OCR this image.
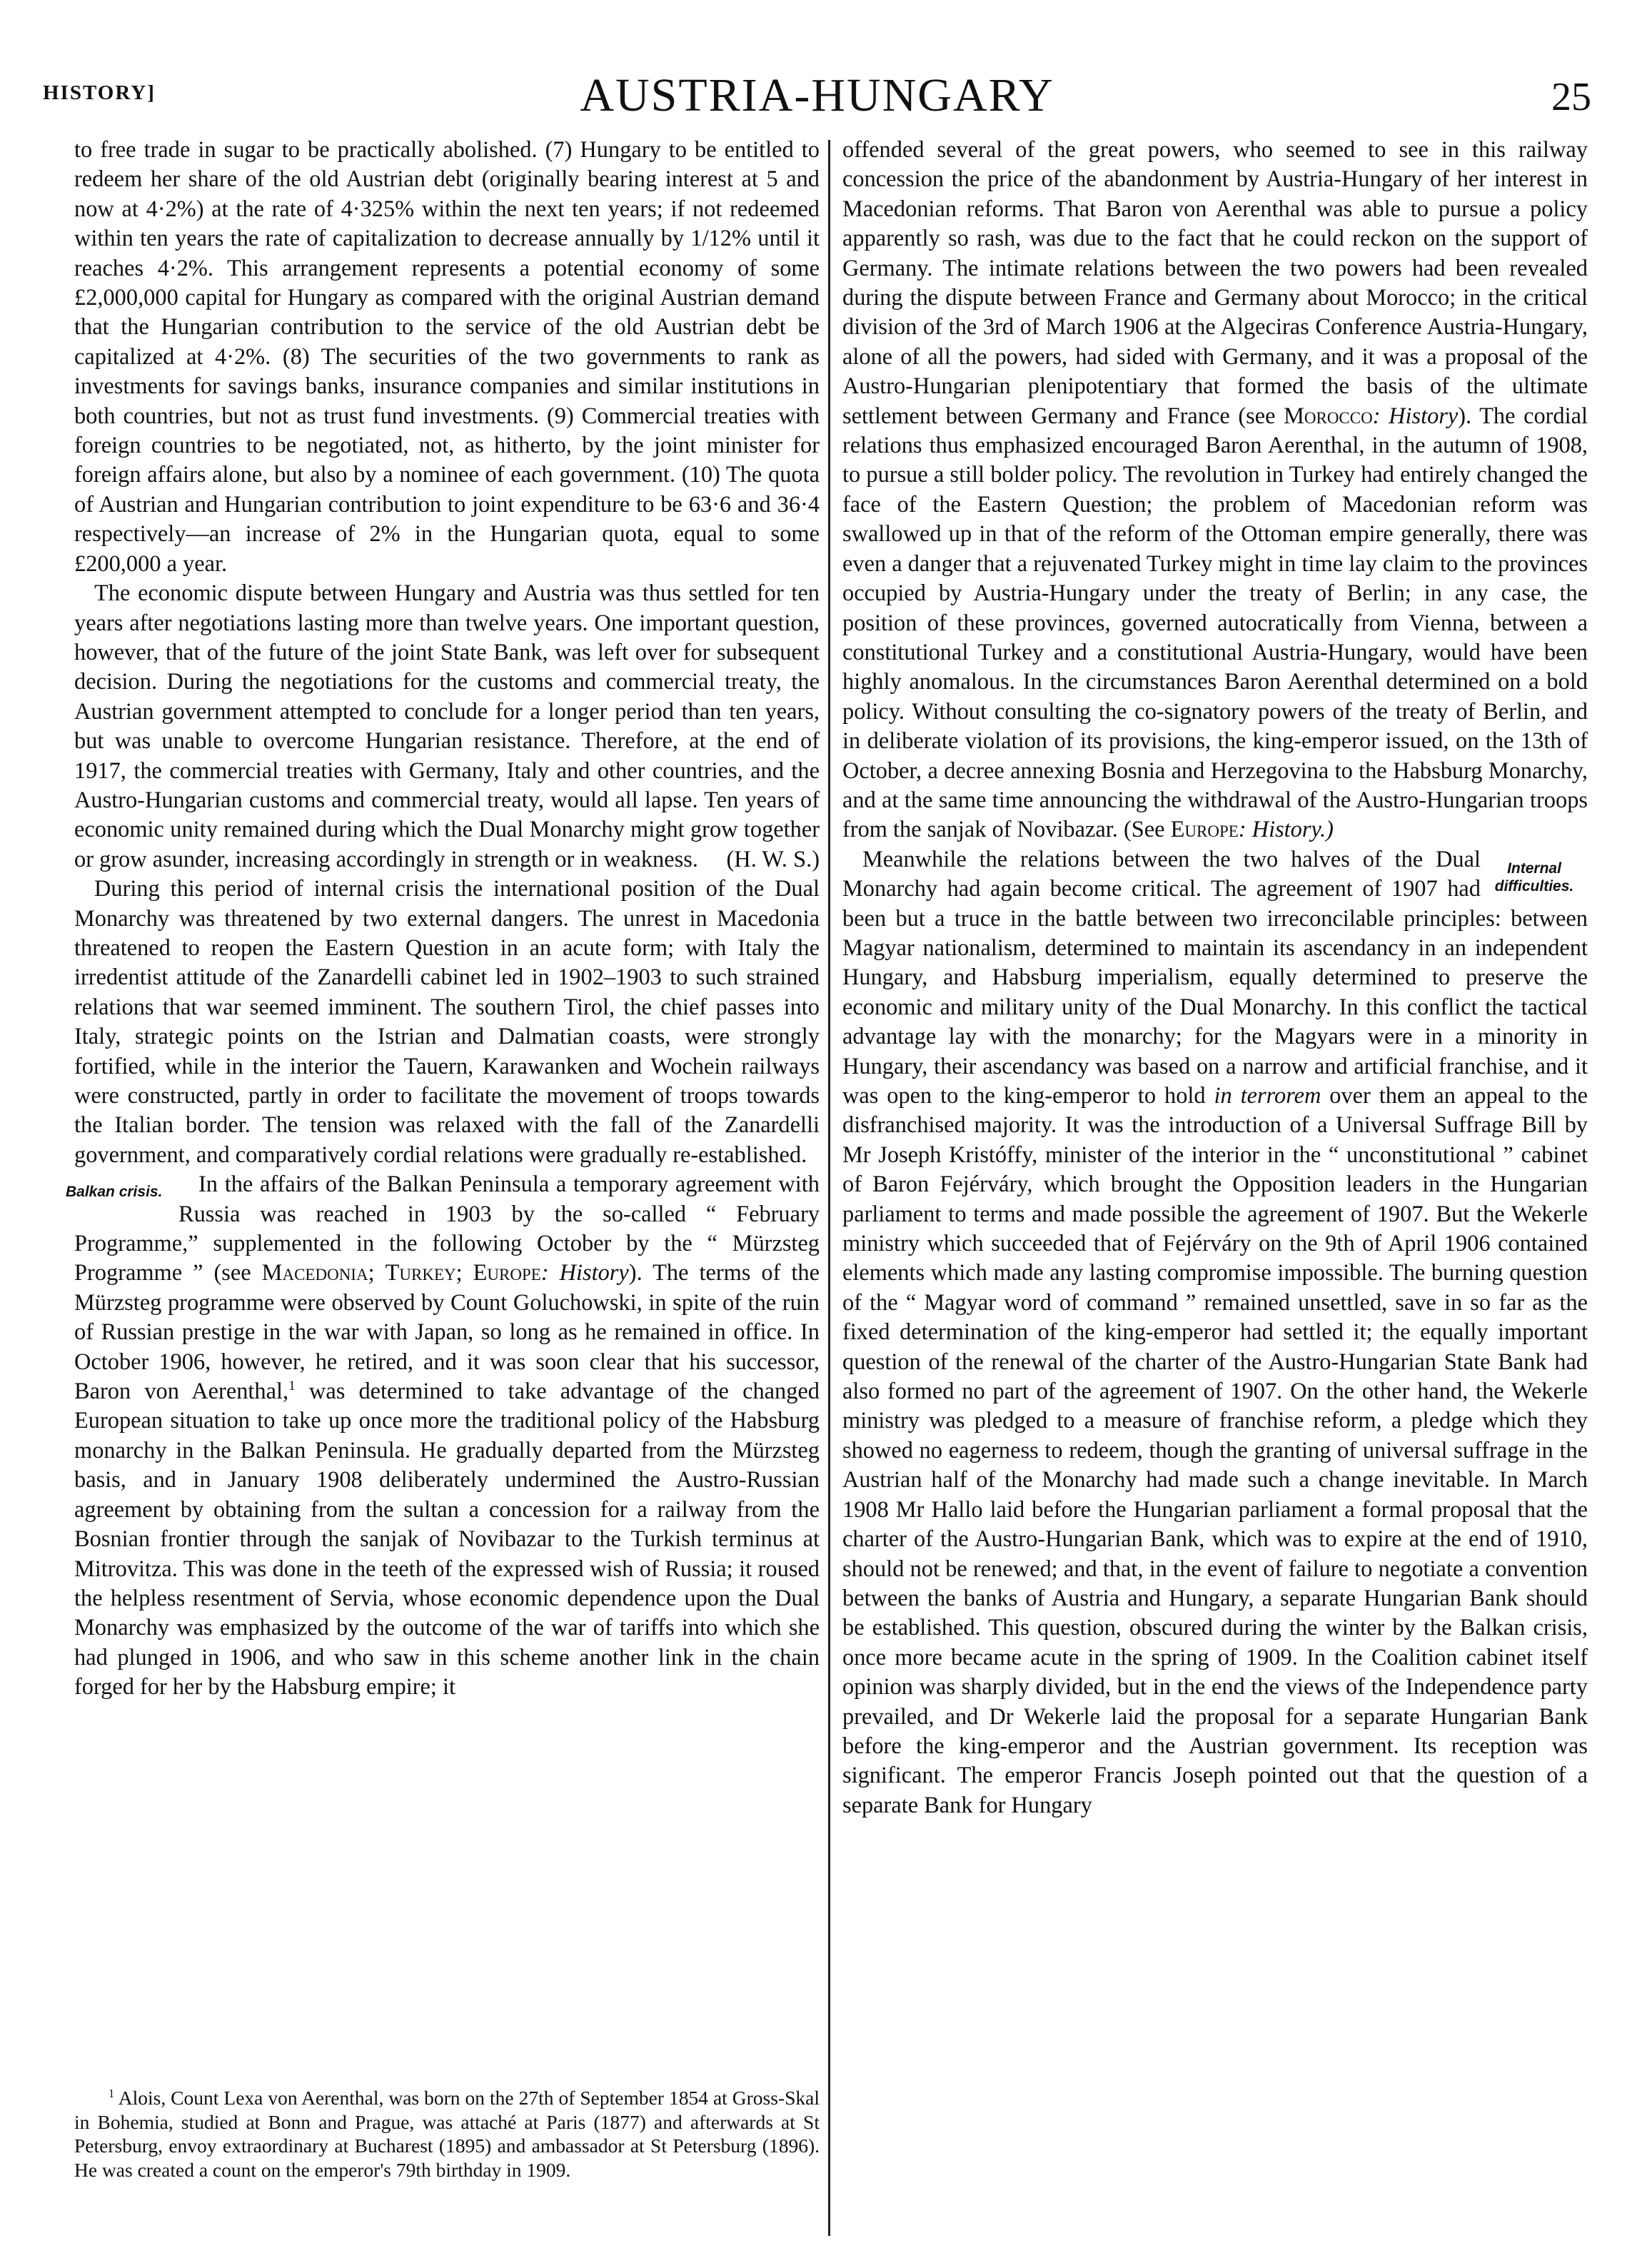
HISTORY]	AUSTRIA-HUNGARY	25

to free trade in sugar to be practically abolished. (7) Hungary to be entitled to redeem her share of the old Austrian debt (originally bearing interest at 5 and now at 4·2%) at the rate of 4·325% within the next ten years; if not redeemed within ten years the rate of capitalization to decrease annually by 1/12% until it reaches 4·2%. This arrangement represents a potential economy of some £2,000,000 capital for Hungary as compared with the original Austrian demand that the Hungarian contribution to the service of the old Austrian debt be capitalized at 4·2%. (8) The securities of the two governments to rank as investments for savings banks, insurance companies and similar institutions in both countries, but not as trust fund investments. (9) Commercial treaties with foreign countries to be negotiated, not, as hitherto, by the joint minister for foreign affairs alone, but also by a nominee of each government. (10) The quota of Austrian and Hungarian contribution to joint expenditure to be 63·6 and 36·4 respectively—an increase of 2% in the Hungarian quota, equal to some £200,000 a year.

The economic dispute between Hungary and Austria was thus settled for ten years after negotiations lasting more than twelve years. One important question, however, that of the future of the joint State Bank, was left over for subsequent decision. During the negotiations for the customs and commercial treaty, the Austrian government attempted to conclude for a longer period than ten years, but was unable to overcome Hungarian resistance. Therefore, at the end of 1917, the commercial treaties with Germany, Italy and other countries, and the Austro-Hungarian customs and commercial treaty, would all lapse. Ten years of economic unity remained during which the Dual Monarchy might grow together or grow asunder, increasing accordingly in strength or in weakness.	(H. W. S.)

During this period of internal crisis the international position of the Dual Monarchy was threatened by two external dangers. The unrest in Macedonia threatened to reopen the Eastern Question in an acute form; with Italy the irredentist attitude of the Zanardelli cabinet led in 1902–1903 to such strained relations that war seemed imminent. The southern Tirol, the chief passes into Italy, strategic points on the Istrian and Dalmatian coasts, were strongly fortified, while in the interior the Tauern, Karawanken and Wochein railways were constructed, partly in order to facilitate the movement of troops towards the Italian border. The tension was relaxed with the fall of the Zanardelli government, and comparatively cordial relations were gradually re-established.

Balkan crisis.	In the affairs of the Balkan Peninsula a temporary agreement with Russia was reached in 1903 by the so-called “ February Programme,” supplemented in the following October by the “ Mürzsteg Programme ” (see Macedonia; Turkey; Europe: History). The terms of the Mürzsteg programme were observed by Count Goluchowski, in spite of the ruin of Russian prestige in the war with Japan, so long as he remained in office. In October 1906, however, he retired, and it was soon clear that his successor, Baron von Aerenthal,$^1$ was determined to take advantage of the changed European situation to take up once more the traditional policy of the Habsburg monarchy in the Balkan Peninsula. He gradually departed from the Mürzsteg basis, and in January 1908 deliberately undermined the Austro-Russian agreement by obtaining from the sultan a concession for a railway from the Bosnian frontier through the sanjak of Novibazar to the Turkish terminus at Mitrovitza. This was done in the teeth of the expressed wish of Russia; it roused the helpless resentment of Servia, whose economic dependence upon the Dual Monarchy was emphasized by the outcome of the war of tariffs into which she had plunged in 1906, and who saw in this scheme another link in the chain forged for her by the Habsburg empire; it

$^1$ Alois, Count Lexa von Aerenthal, was born on the 27th of September 1854 at Gross-Skal in Bohemia, studied at Bonn and Prague, was attaché at Paris (1877) and afterwards at St Petersburg, envoy extraordinary at Bucharest (1895) and ambassador at St Petersburg (1896). He was created a count on the emperor's 79th birthday in 1909.

offended several of the great powers, who seemed to see in this railway concession the price of the abandonment by Austria-Hungary of her interest in Macedonian reforms. That Baron von Aerenthal was able to pursue a policy apparently so rash, was due to the fact that he could reckon on the support of Germany. The intimate relations between the two powers had been revealed during the dispute between France and Germany about Morocco; in the critical division of the 3rd of March 1906 at the Algeciras Conference Austria-Hungary, alone of all the powers, had sided with Germany, and it was a proposal of the Austro-Hungarian plenipotentiary that formed the basis of the ultimate settlement between Germany and France (see Morocco: History). The cordial relations thus emphasized encouraged Baron Aerenthal, in the autumn of 1908, to pursue a still bolder policy. The revolution in Turkey had entirely changed the face of the Eastern Question; the problem of Macedonian reform was swallowed up in that of the reform of the Ottoman empire generally, there was even a danger that a rejuvenated Turkey might in time lay claim to the provinces occupied by Austria-Hungary under the treaty of Berlin; in any case, the position of these provinces, governed autocratically from Vienna, between a constitutional Turkey and a constitutional Austria-Hungary, would have been highly anomalous. In the circumstances Baron Aerenthal determined on a bold policy. Without consulting the co-signatory powers of the treaty of Berlin, and in deliberate violation of its provisions, the king-emperor issued, on the 13th of October, a decree annexing Bosnia and Herzegovina to the Habsburg Monarchy, and at the same time announcing the withdrawal of the Austro-Hungarian troops from the sanjak of Novibazar. (See Europe: History.)

Internal difficulties.
Meanwhile the relations between the two halves of the Dual Monarchy had again become critical. The agreement of 1907 had been but a truce in the battle between two irreconcilable principles: between Magyar nationalism, determined to maintain its ascendancy in an independent Hungary, and Habsburg imperialism, equally determined to preserve the economic and military unity of the Dual Monarchy. In this conflict the tactical advantage lay with the monarchy; for the Magyars were in a minority in Hungary, their ascendancy was based on a narrow and artificial franchise, and it was open to the king-emperor to hold in terrorem over them an appeal to the disfranchised majority. It was the introduction of a Universal Suffrage Bill by Mr Joseph Kristóffy, minister of the interior in the “ unconstitutional ” cabinet of Baron Fejérváry, which brought the Opposition leaders in the Hungarian parliament to terms and made possible the agreement of 1907. But the Wekerle ministry which succeeded that of Fejérváry on the 9th of April 1906 contained elements which made any lasting compromise impossible. The burning question of the “ Magyar word of command ” remained unsettled, save in so far as the fixed determination of the king-emperor had settled it; the equally important question of the renewal of the charter of the Austro-Hungarian State Bank had also formed no part of the agreement of 1907. On the other hand, the Wekerle ministry was pledged to a measure of franchise reform, a pledge which they showed no eagerness to redeem, though the granting of universal suffrage in the Austrian half of the Monarchy had made such a change inevitable. In March 1908 Mr Hallo laid before the Hungarian parliament a formal proposal that the charter of the Austro-Hungarian Bank, which was to expire at the end of 1910, should not be renewed; and that, in the event of failure to negotiate a convention between the banks of Austria and Hungary, a separate Hungarian Bank should be established. This question, obscured during the winter by the Balkan crisis, once more became acute in the spring of 1909. In the Coalition cabinet itself opinion was sharply divided, but in the end the views of the Independence party prevailed, and Dr Wekerle laid the proposal for a separate Hungarian Bank before the king-emperor and the Austrian government. Its reception was significant. The emperor Francis Joseph pointed out that the question of a separate Bank for Hungary
